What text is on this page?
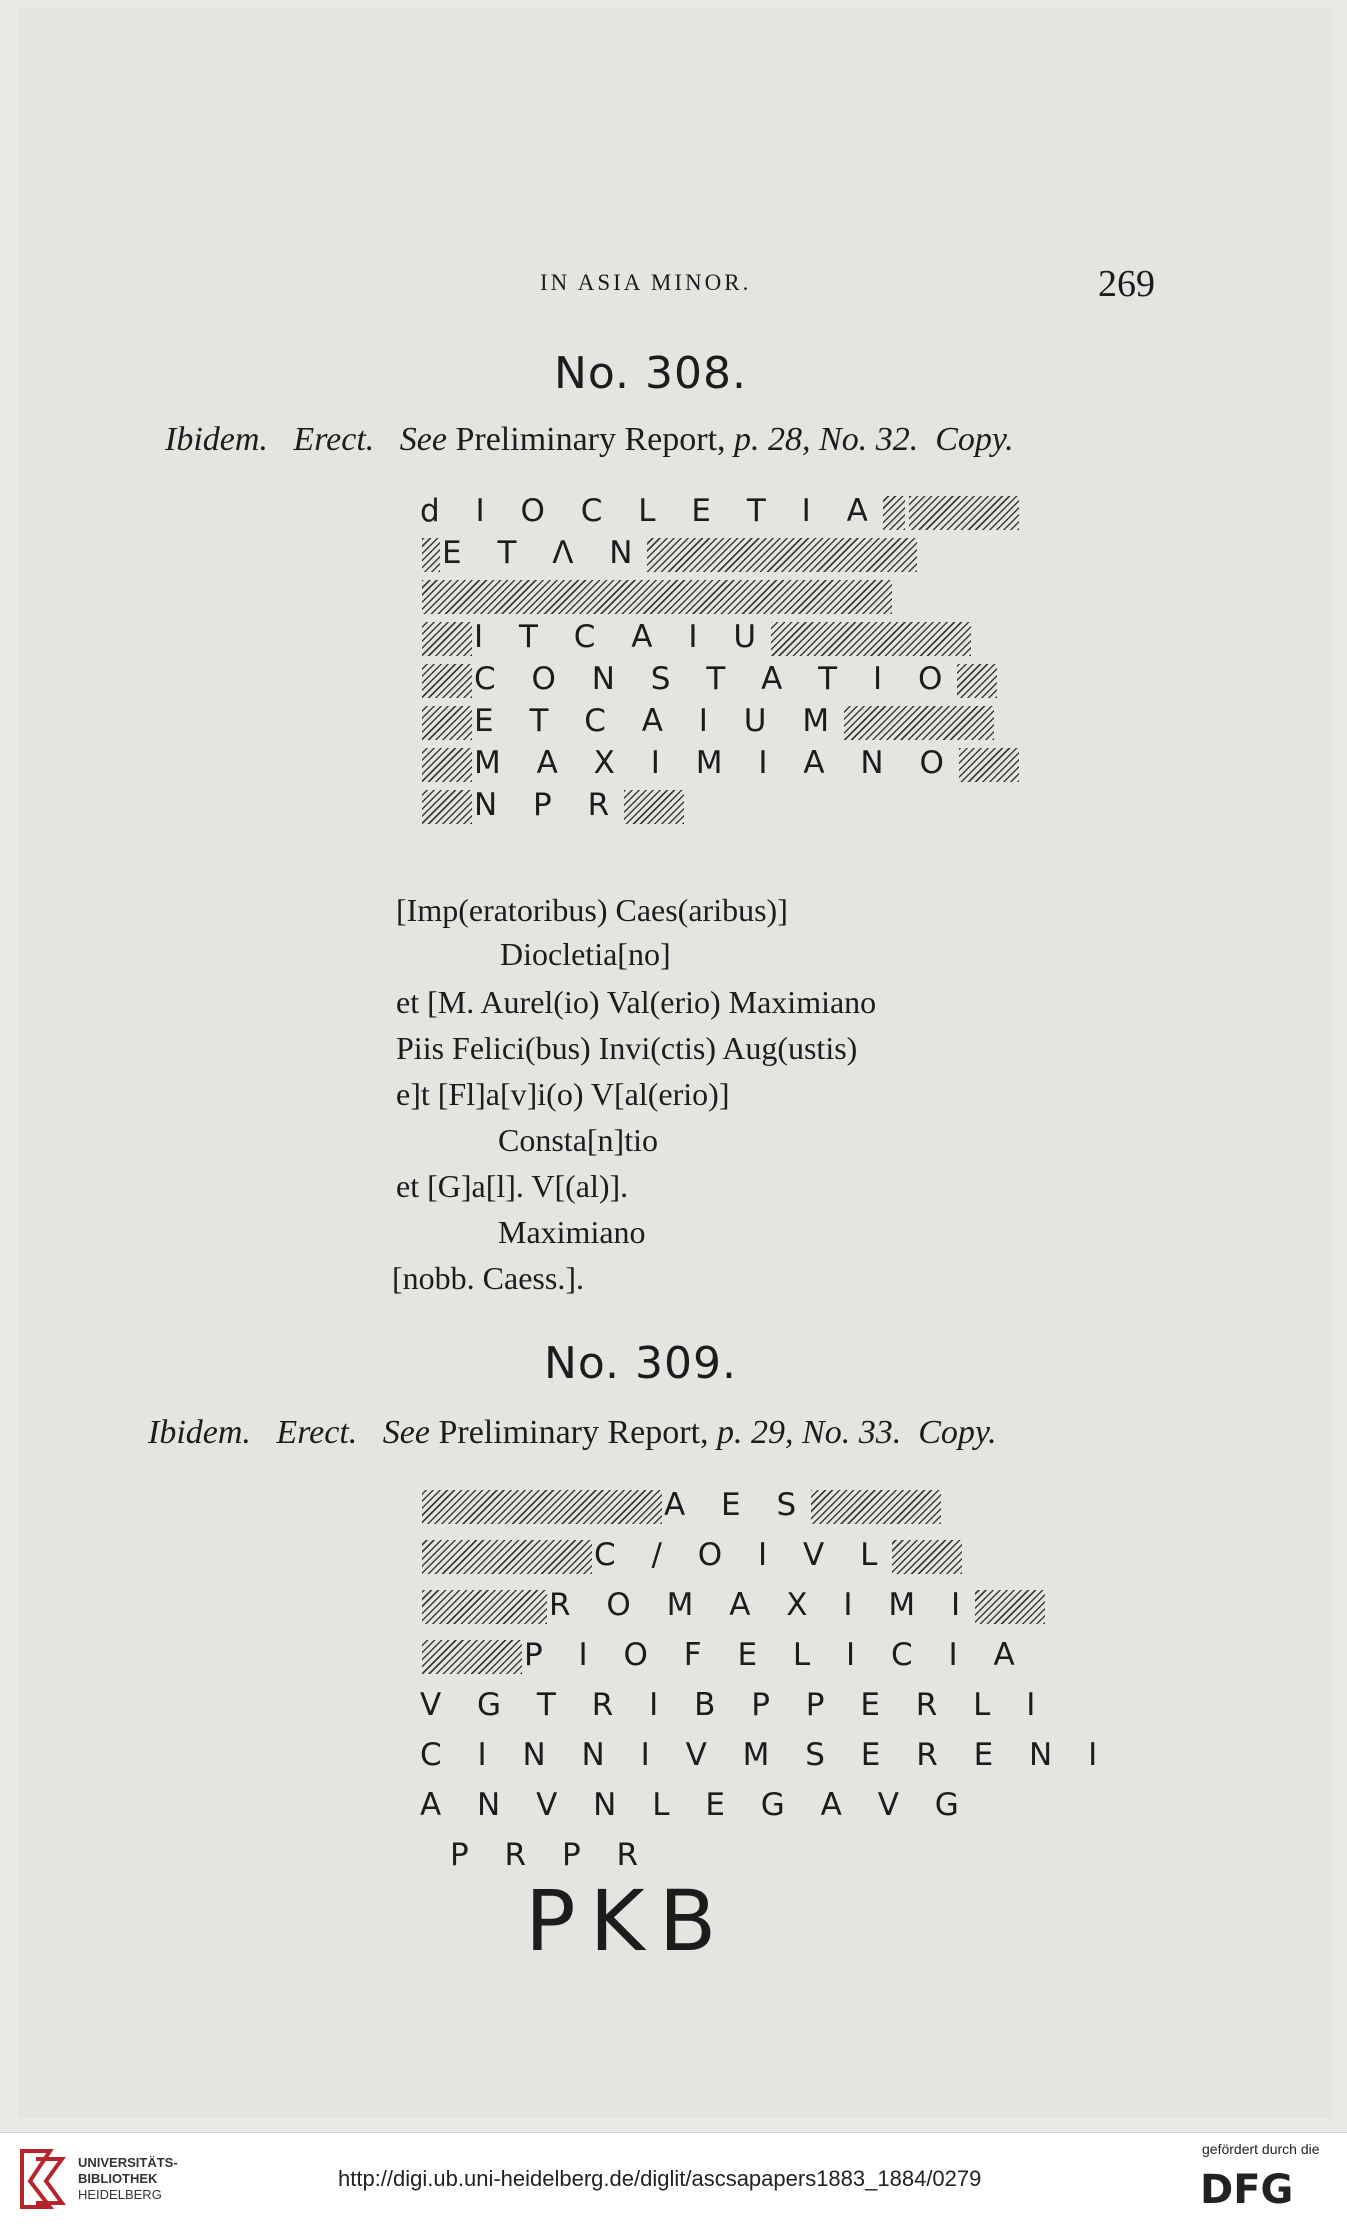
IN ASIA MINOR.	269
No. 308.
Ibidem. Erect. See Preliminary Report, p. 28, No. 32. Copy.
d I O C L E T I A
E T Λ N
I T C A I U
C O N S T A T I O
E T C A I U M
M A X I M I A N O
N P R
[Imp(eratoribus) Caes(aribus)]
Diocletia[no]
et [M. Aurel(io) Val(erio) Maximiano
Piis Felici(bus) Invi(ctis) Aug(ustis)
e]t [Fl]a[v]i(o) V[al(erio)]
Consta[n]tio
et [G]a[l]. V[(al)].
Maximiano
[nobb. Caess.].
No. 309.
Ibidem. Erect. See Preliminary Report, p. 29, No. 33. Copy.
A E S
C / O I V L
R O M A X I M I
P I O F E L I C I A
V G T R I B P P E R L I
C I N N I V M S E R E N I
A N V N L E G A V G
P R P R
PKB
UNIVERSITÄTS-
BIBLIOTHEK
HEIDELBERG
http://digi.ub.uni-heidelberg.de/diglit/ascsapapers1883_1884/0279
gefördert durch die
DFG
